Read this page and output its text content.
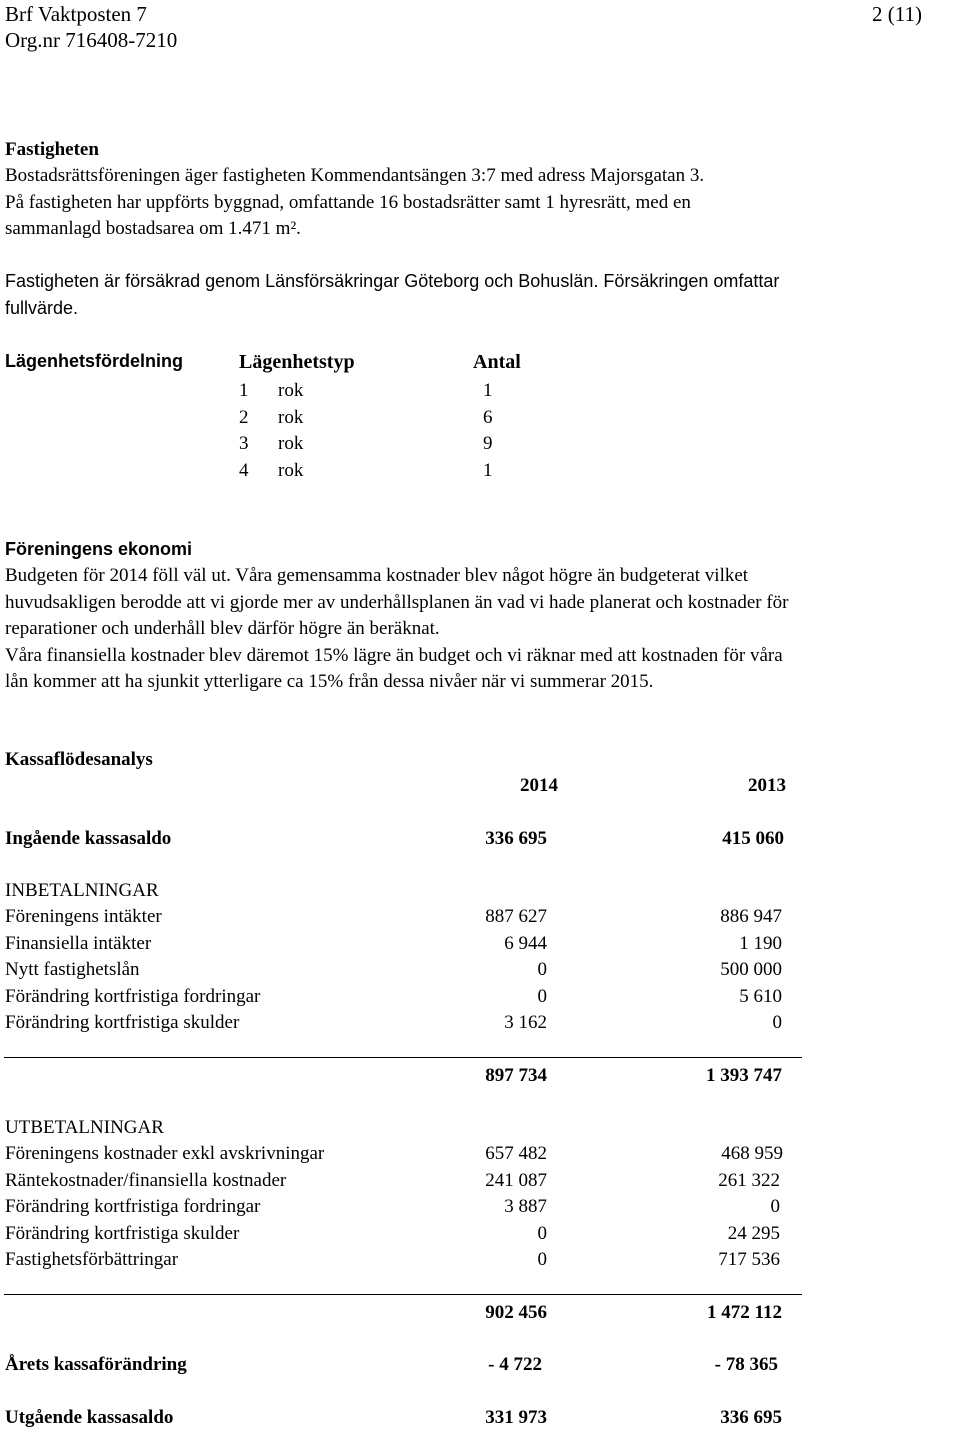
Brf Vaktposten 7
Org.nr 716408-7210
2 (11)
Fastigheten
Bostadsrättsföreningen äger fastigheten Kommendantsängen 3:7 med adress Majorsgatan 3.
På fastigheten har uppförts byggnad, omfattande 16 bostadsrätter samt 1 hyresrätt, med en
sammanlagd bostadsarea om 1.471 m².
Fastigheten är försäkrad genom Länsförsäkringar Göteborg och Bohuslän. Försäkringen omfattar
fullvärde.
Lägenhetsfördelning	Lägenhetstyp	Antal
1 rok	1
2 rok	6
3 rok	9
4 rok	1
Föreningens ekonomi
Budgeten för 2014 föll väl ut. Våra gemensamma kostnader blev något högre än budgeterat vilket
huvudsakligen berodde att vi gjorde mer av underhållsplanen än vad vi hade planerat och kostnader för
reparationer och underhåll blev därför högre än beräknat.
Våra finansiella kostnader blev däremot 15% lägre än budget och vi räknar med att kostnaden för våra
lån kommer att ha sjunkit ytterligare ca 15% från dessa nivåer när vi summerar 2015.
Kassaflödesanalys
2014	2013
Ingående kassasaldo	336 695	415 060
INBETALNINGAR
Föreningens intäkter	887 627	886 947
Finansiella intäkter	6 944	1 190
Nytt fastighetslån	0	500 000
Förändring kortfristiga fordringar	0	5 610
Förändring kortfristiga skulder	3 162	0
897 734	1 393 747
UTBETALNINGAR
Föreningens kostnader exkl avskrivningar	657 482	468 959
Räntekostnader/finansiella kostnader	241 087	261 322
Förändring kortfristiga fordringar	3 887	0
Förändring kortfristiga skulder	0	24 295
Fastighetsförbättringar	0	717 536
902 456	1 472 112
Årets kassaförändring	- 4 722	- 78 365
Utgående kassasaldo	331 973	336 695
